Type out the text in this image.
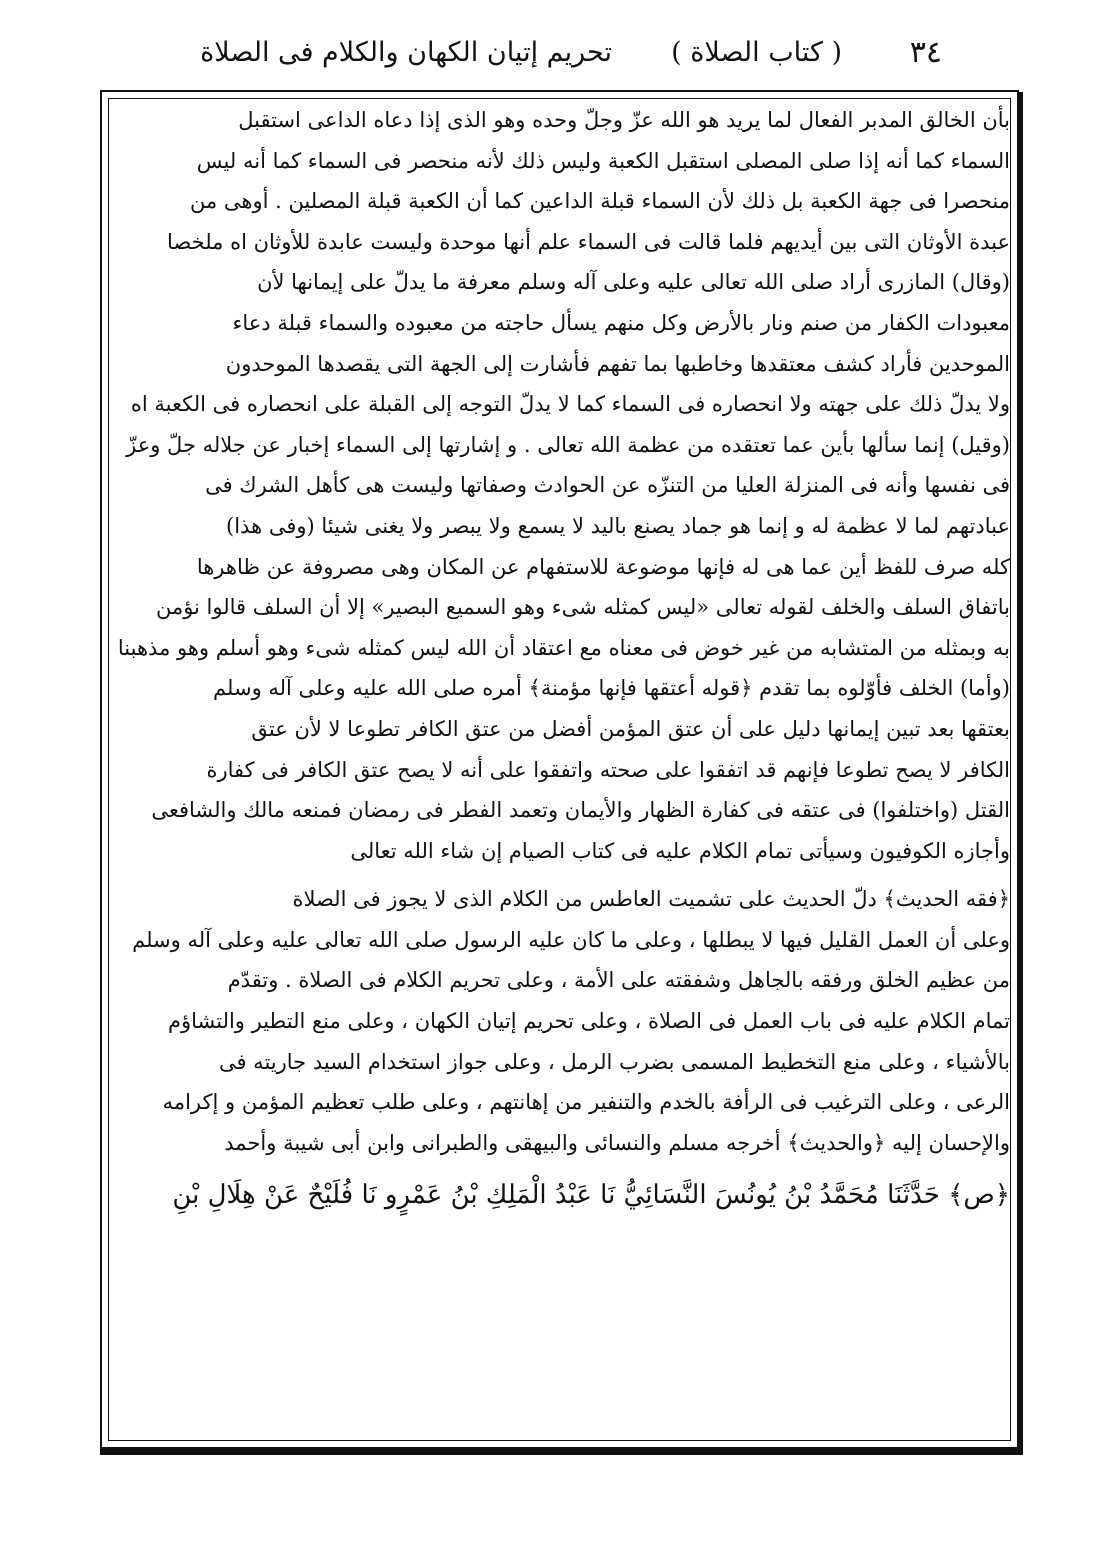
٣٤
( كتاب الصلاة )
تحريم إتيان الكهان والكلام فى الصلاة
بأن الخالق المدبر الفعال لما يريد هو الله عزّ وجلّ وحده وهو الذى إذا دعاه الداعى استقبل
السماء كما أنه إذا صلى المصلى استقبل الكعبة وليس ذلك لأنه منحصر فى السماء كما أنه ليس
منحصرا فى جهة الكعبة بل ذلك لأن السماء قبلة الداعين كما أن الكعبة قبلة المصلين . أوهى من
عبدة الأوثان التى بين أيديهم فلما قالت فى السماء علم أنها موحدة وليست عابدة للأوثان اه ملخصا
(وقال) المازرى أراد صلى الله تعالى عليه وعلى آله وسلم معرفة ما يدلّ على إيمانها لأن
معبودات الكفار من صنم ونار بالأرض وكل منهم يسأل حاجته من معبوده والسماء قبلة دعاء
الموحدين فأراد كشف معتقدها وخاطبها بما تفهم فأشارت إلى الجهة التى يقصدها الموحدون
ولا يدلّ ذلك على جهته ولا انحصاره فى السماء كما لا يدلّ التوجه إلى القبلة على انحصاره فى الكعبة اه
(وقيل) إنما سألها بأين عما تعتقده من عظمة الله تعالى . و إشارتها إلى السماء إخبار عن جلاله جلّ وعزّ
فى نفسها وأنه فى المنزلة العليا من التنزّه عن الحوادث وصفاتها وليست هى كأهل الشرك فى
عبادتهم لما لا عظمة له و إنما هو جماد يصنع باليد لا يسمع ولا يبصر ولا يغنى شيئا (وفى هذا)
كله صرف للفظ أين عما هى له فإنها موضوعة للاستفهام عن المكان وهى مصروفة عن ظاهرها
باتفاق السلف والخلف لقوله تعالى «ليس كمثله شىء وهو السميع البصير» إلا أن السلف قالوا نؤمن
به وبمثله من المتشابه من غير خوض فى معناه مع اعتقاد أن الله ليس كمثله شىء وهو أسلم وهو مذهبنا
(وأما) الخلف فأوّلوه بما تقدم ﴿قوله أعتقها فإنها مؤمنة﴾ أمره صلى الله عليه وعلى آله وسلم
بعتقها بعد تبين إيمانها دليل على أن عتق المؤمن أفضل من عتق الكافر تطوعا لا لأن عتق
الكافر لا يصح تطوعا فإنهم قد اتفقوا على صحته واتفقوا على أنه لا يصح عتق الكافر فى كفارة
القتل (واختلفوا) فى عتقه فى كفارة الظهار والأيمان وتعمد الفطر فى رمضان فمنعه مالك والشافعى
وأجازه الكوفيون وسيأتى تمام الكلام عليه فى كتاب الصيام إن شاء الله تعالى
﴿فقه الحديث﴾ دلّ الحديث على تشميت العاطس من الكلام الذى لا يجوز فى الصلاة
وعلى أن العمل القليل فيها لا يبطلها ، وعلى ما كان عليه الرسول صلى الله تعالى عليه وعلى آله وسلم
من عظيم الخلق ورفقه بالجاهل وشفقته على الأمة ، وعلى تحريم الكلام فى الصلاة . وتقدّم
تمام الكلام عليه فى باب العمل فى الصلاة ، وعلى تحريم إتيان الكهان ، وعلى منع التطير والتشاؤم
بالأشياء ، وعلى منع التخطيط المسمى بضرب الرمل ، وعلى جواز استخدام السيد جاريته فى
الرعى ، وعلى الترغيب فى الرأفة بالخدم والتنفير من إهانتهم ، وعلى طلب تعظيم المؤمن و إكرامه
والإحسان إليه ﴿والحديث﴾ أخرجه مسلم والنسائى والبيهقى والطبرانى وابن أبى شيبة وأحمد
﴿ص﴾ حَدَّثَنَا مُحَمَّدُ بْنُ يُونُسَ النَّسَائِيُّ نَا عَبْدُ الْمَلِكِ بْنُ عَمْرٍو نَا فُلَيْحٌ عَنْ هِلَالِ بْنِ
